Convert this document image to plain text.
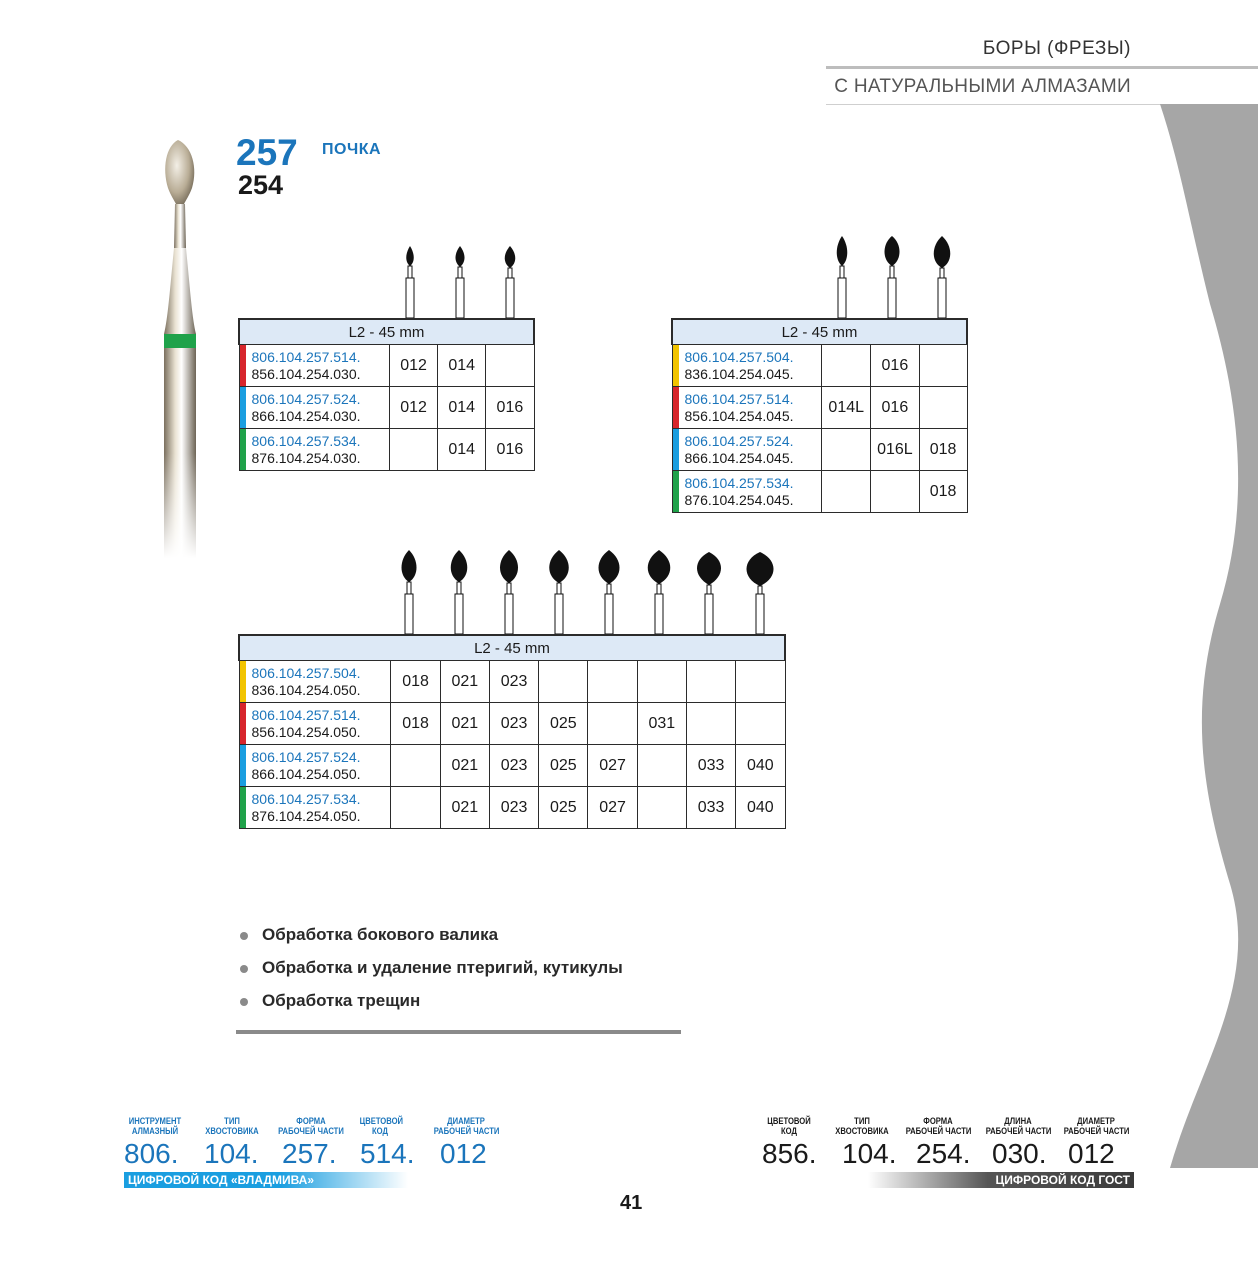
БОРЫ (ФРЕЗЫ)
С НАТУРАЛЬНЫМИ АЛМАЗАМИ
257
254
ПОЧКА
L2 - 45 mm			

806.104.257.514.
856.104.254.030.	012	014	

806.104.257.524.
866.104.254.030.	012	014	016

806.104.257.534.
876.104.254.030.		014	016
L2 - 45 mm			

806.104.257.504.
836.104.254.045.		016	

806.104.257.514.
856.104.254.045.	014L	016	

806.104.257.524.
866.104.254.045.		016L	018

806.104.257.534.
876.104.254.045.			018
L2 - 45 mm								

806.104.257.504.
836.104.254.050.	018	021	023					

806.104.257.514.
856.104.254.050.	018	021	023	025		031		

806.104.257.524.
866.104.254.050.		021	023	025	027		033	040

806.104.257.534.
876.104.254.050.		021	023	025	027		033	040
Обработка бокового валика
Обработка и удаление птеригий, кутикулы
Обработка трещин
ИНСТРУМЕНТ
АЛМАЗНЫЙ
ТИП
ХВОСТОВИКА
ФОРМА
РАБОЧЕЙ ЧАСТИ
ЦВЕТОВОЙ
КОД
806. 104. 257. 514.
ЦИФРОВОЙ КОД «ВЛАДМИВА»
ДИАМЕТР
РАБОЧЕЙ ЧАСТИ
012
ЦВЕТОВОЙ
КОД
ТИП
ХВОСТОВИКА
ФОРМА
РАБОЧЕЙ ЧАСТИ
ДЛИНА
РАБОЧЕЙ ЧАСТИ
ДИАМЕТР
РАБОЧЕЙ ЧАСТИ
856. 104. 254. 030. 012
ЦИФРОВОЙ КОД ГОСТ
41
